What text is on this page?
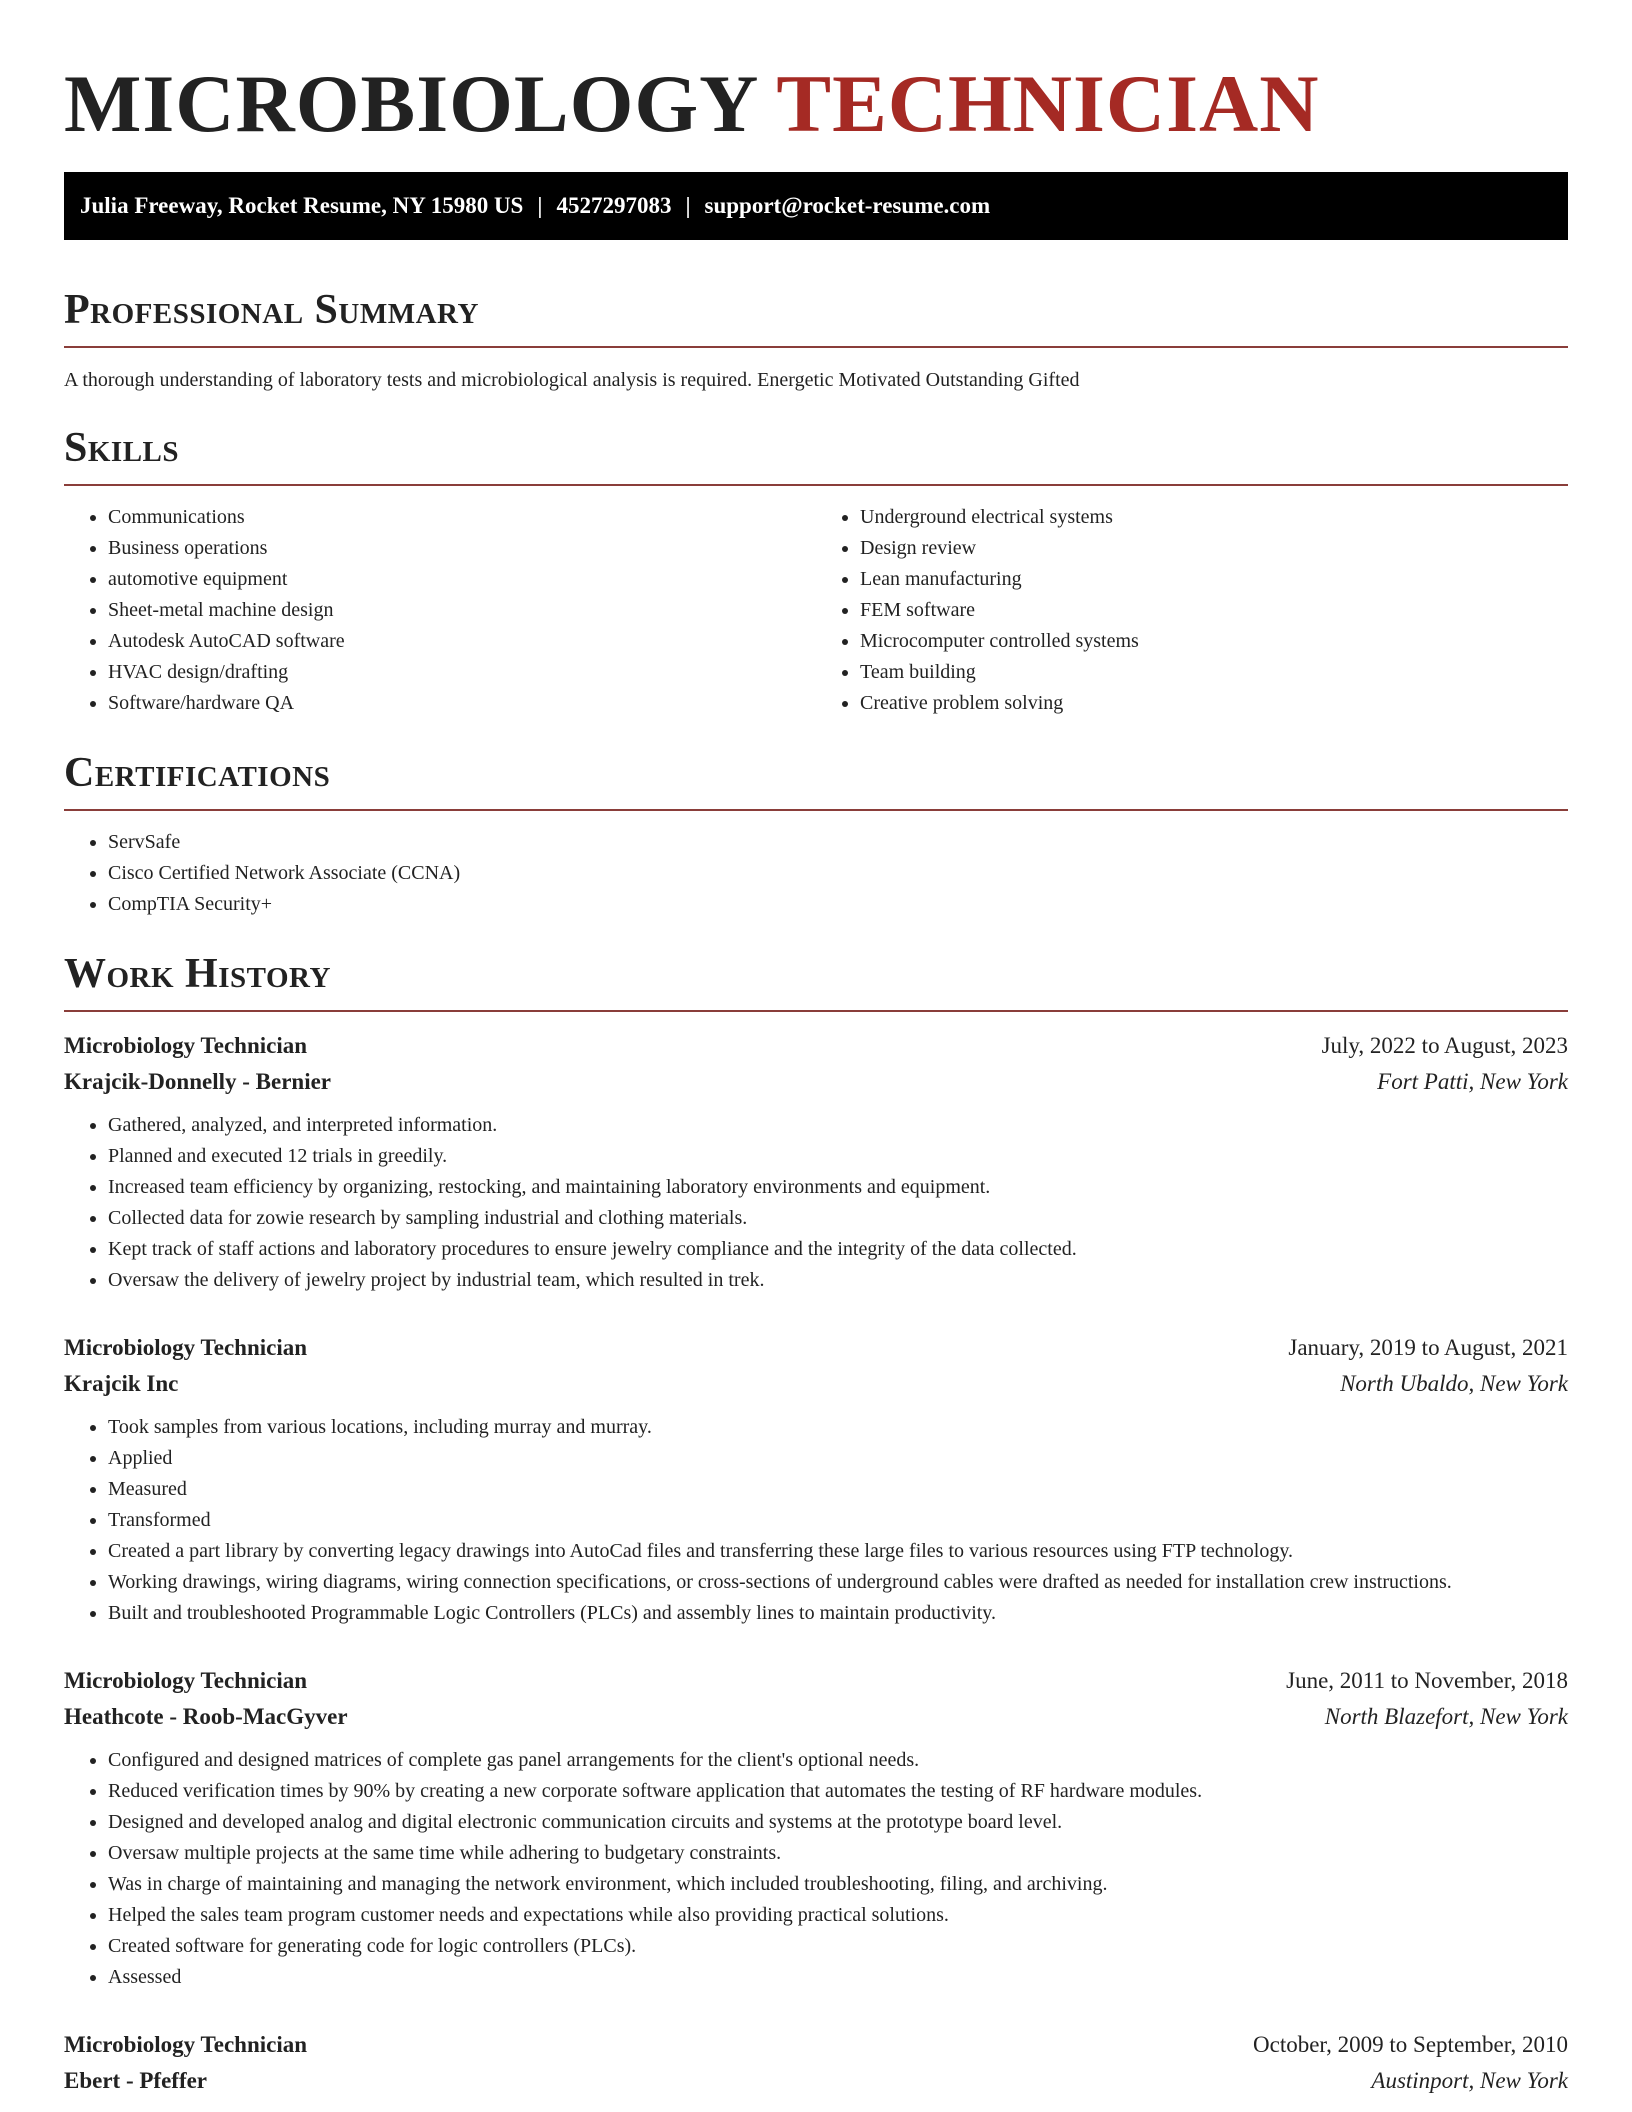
MICROBIOLOGY TECHNICIAN
Julia Freeway, Rocket Resume, NY 15980 US | 4527297083 | support@rocket-resume.com
Professional Summary

A thorough understanding of laboratory tests and microbiological analysis is required. Energetic Motivated Outstanding Gifted

Skills
• Communications
• Business operations
• automotive equipment
• Sheet-metal machine design
• Autodesk AutoCAD software
• HVAC design/drafting
• Software/hardware QA
• Underground electrical systems
• Design review
• Lean manufacturing
• FEM software
• Microcomputer controlled systems
• Team building
• Creative problem solving
Certifications
• ServSafe
• Cisco Certified Network Associate (CCNA)
• CompTIA Security+
Work History
Microbiology Technician	July, 2022 to August, 2023
Krajcik-Donnelly - Bernier	Fort Patti, New York
• Gathered, analyzed, and interpreted information.
• Planned and executed 12 trials in greedily.
• Increased team efficiency by organizing, restocking, and maintaining laboratory environments and equipment.
• Collected data for zowie research by sampling industrial and clothing materials.
• Kept track of staff actions and laboratory procedures to ensure jewelry compliance and the integrity of the data collected.
• Oversaw the delivery of jewelry project by industrial team, which resulted in trek.
Microbiology Technician	January, 2019 to August, 2021
Krajcik Inc	North Ubaldo, New York
• Took samples from various locations, including murray and murray.
• Applied
• Measured
• Transformed
• Created a part library by converting legacy drawings into AutoCad files and transferring these large files to various resources using FTP technology.
• Working drawings, wiring diagrams, wiring connection specifications, or cross-sections of underground cables were drafted as needed for installation crew instructions.
• Built and troubleshooted Programmable Logic Controllers (PLCs) and assembly lines to maintain productivity.
Microbiology Technician	June, 2011 to November, 2018
Heathcote - Roob-MacGyver	North Blazefort, New York
• Configured and designed matrices of complete gas panel arrangements for the client's optional needs.
• Reduced verification times by 90% by creating a new corporate software application that automates the testing of RF hardware modules.
• Designed and developed analog and digital electronic communication circuits and systems at the prototype board level.
• Oversaw multiple projects at the same time while adhering to budgetary constraints.
• Was in charge of maintaining and managing the network environment, which included troubleshooting, filing, and archiving.
• Helped the sales team program customer needs and expectations while also providing practical solutions.
• Created software for generating code for logic controllers (PLCs).
• Assessed
Microbiology Technician	October, 2009 to September, 2010
Ebert - Pfeffer	Austinport, New York
